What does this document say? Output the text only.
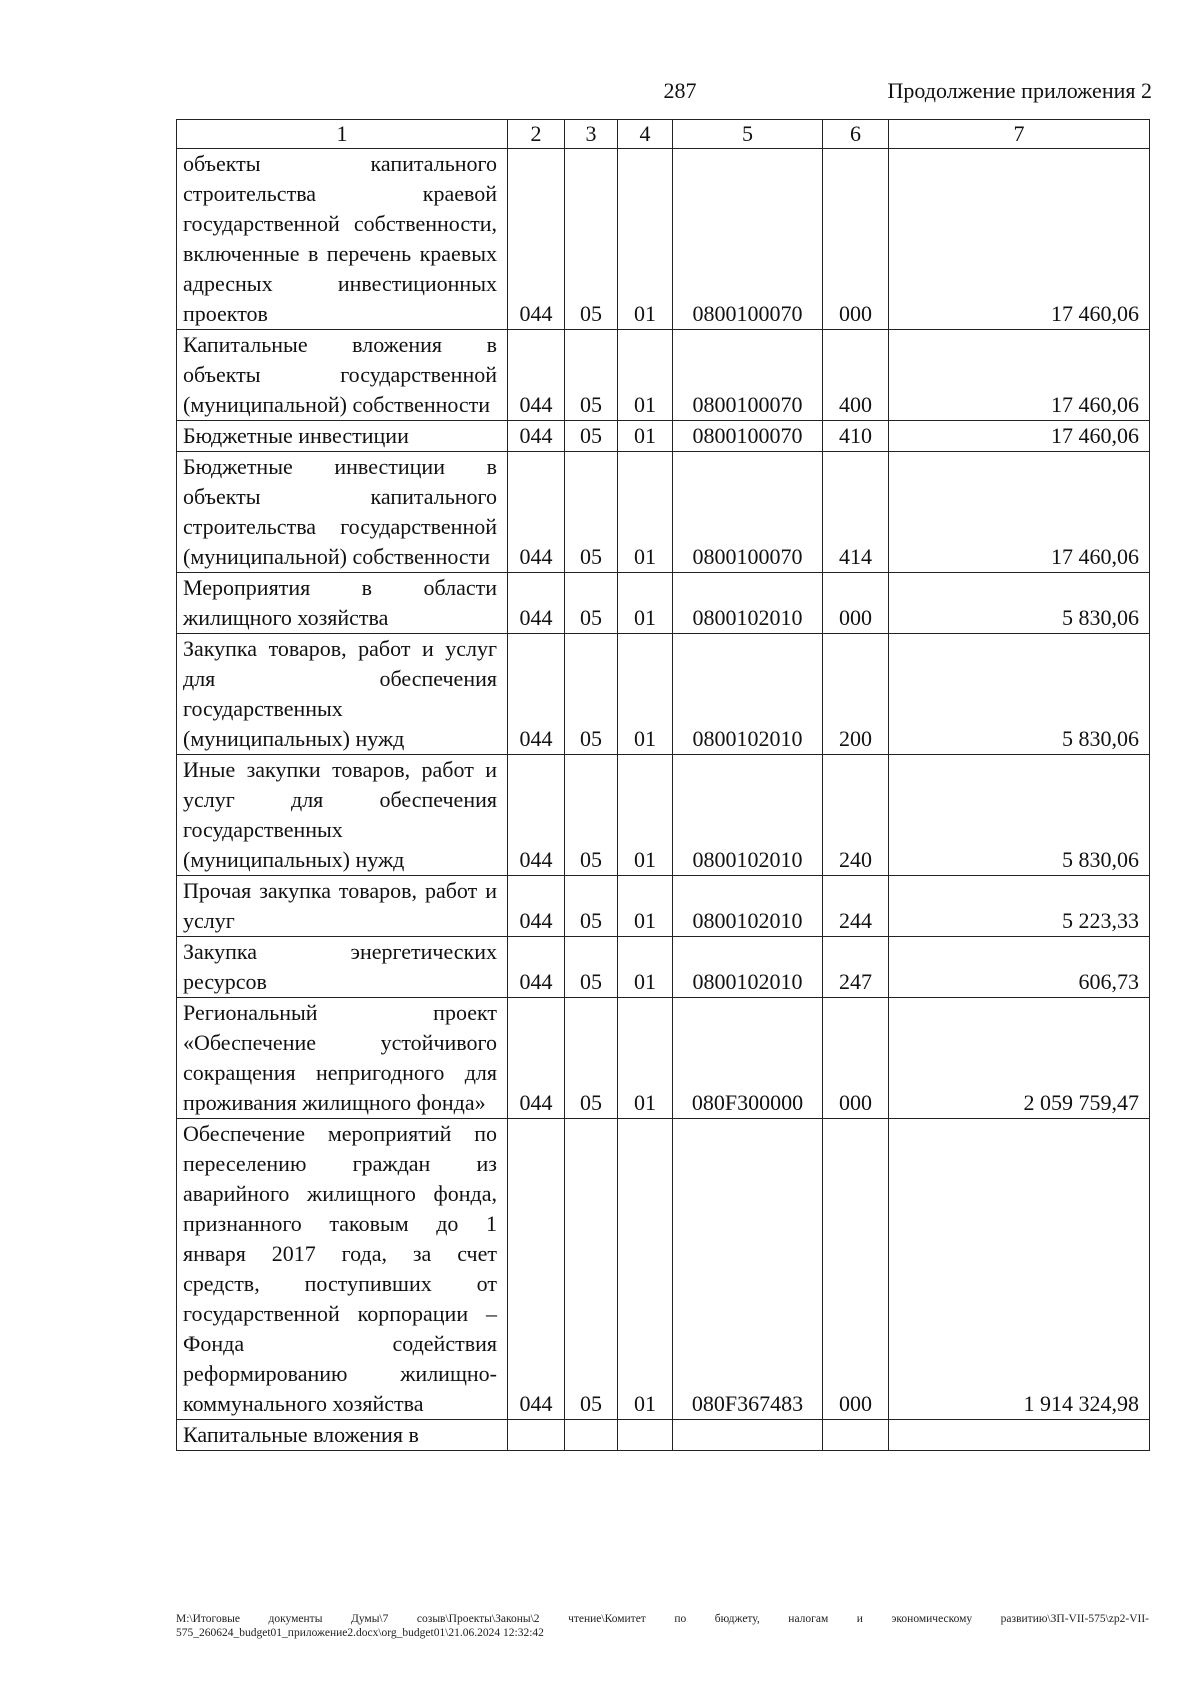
287	Продолжение приложения 2
1	2	3	4	5	6	7
объекты капитального строительства краевой государственной собственности, включенные в перечень краевых адресных инвестиционных проектов	044	05	01	0800100070	000	17 460,06
Капитальные вложения в объекты государственной (муниципальной) собственности	044	05	01	0800100070	400	17 460,06
Бюджетные инвестиции	044	05	01	0800100070	410	17 460,06
Бюджетные инвестиции в объекты капитального строительства государственной (муниципальной) собственности	044	05	01	0800100070	414	17 460,06
Мероприятия в области жилищного хозяйства	044	05	01	0800102010	000	5 830,06
Закупка товаров, работ и услуг для обеспечения государственных (муниципальных) нужд	044	05	01	0800102010	200	5 830,06
Иные закупки товаров, работ и услуг для обеспечения государственных (муниципальных) нужд	044	05	01	0800102010	240	5 830,06
Прочая закупка товаров, работ и услуг	044	05	01	0800102010	244	5 223,33
Закупка энергетических ресурсов	044	05	01	0800102010	247	606,73
Региональный проект «Обеспечение устойчивого сокращения непригодного для проживания жилищного фонда»	044	05	01	080F300000	000	2 059 759,47
Обеспечение мероприятий по переселению граждан из аварийного жилищного фонда, признанного таковым до 1 января 2017 года, за счет средств, поступивших от государственной корпорации – Фонда содействия реформированию жилищно-коммунального хозяйства	044	05	01	080F367483	000	1 914 324,98
Капитальные вложения в						
M:\Итоговые документы Думы\7 созыв\Проекты\Законы\2 чтение\Комитет по бюджету, налогам и экономическому развитию\ЗП-VII-575\zp2-VII-575_260624_budget01_приложение2.docx\org_budget01\21.06.2024 12:32:42
